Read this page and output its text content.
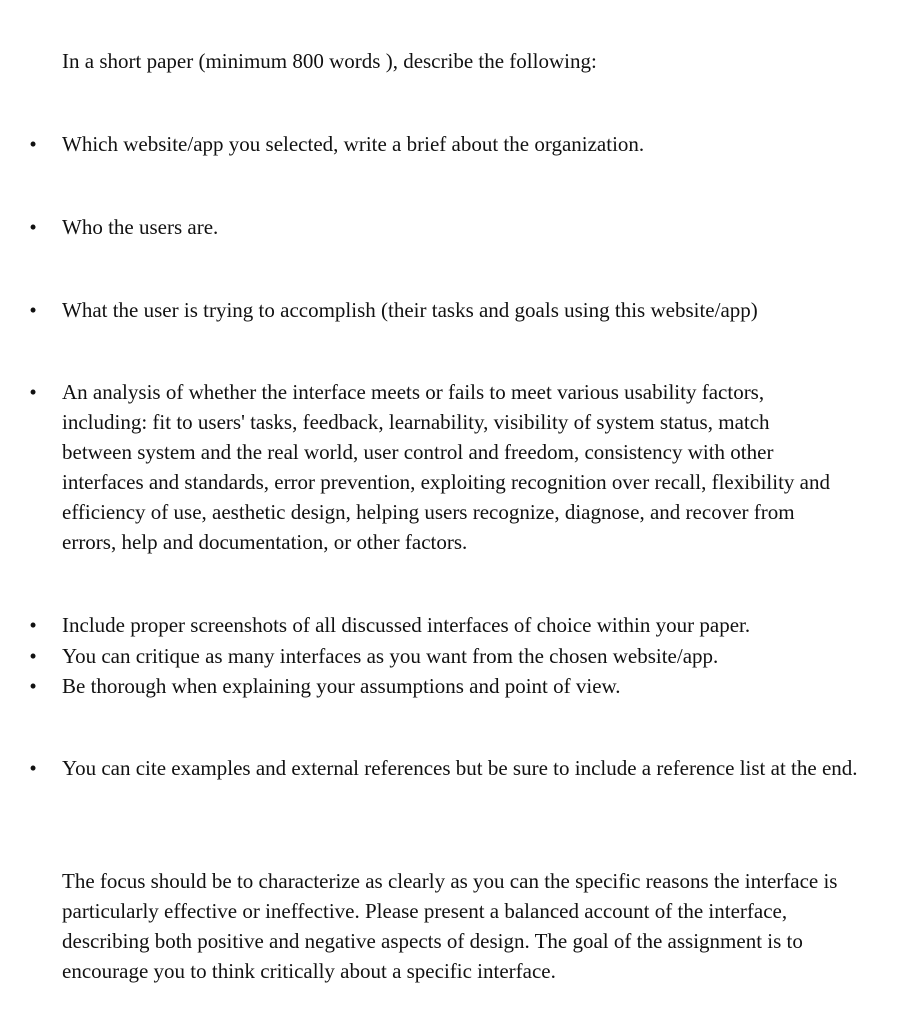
In a short paper (minimum 800 words ), describe the following:

• Which website/app you selected, write a brief about the organization.
• Who the users are.
• What the user is trying to accomplish (their tasks and goals using this website/app)
• An analysis of whether the interface meets or fails to meet various usability factors, including: fit to users' tasks, feedback, learnability, visibility of system status, match between system and the real world, user control and freedom, consistency with other interfaces and standards, error prevention, exploiting recognition over recall, flexibility and efficiency of use, aesthetic design, helping users recognize, diagnose, and recover from errors, help and documentation, or other factors.
• Include proper screenshots of all discussed interfaces of choice within your paper.
• You can critique as many interfaces as you want from the chosen website/app.
• Be thorough when explaining your assumptions and point of view.
• You can cite examples and external references but be sure to include a reference list at the end.

The focus should be to characterize as clearly as you can the specific reasons the interface is particularly effective or ineffective. Please present a balanced account of the interface, describing both positive and negative aspects of design. The goal of the assignment is to encourage you to think critically about a specific interface.
